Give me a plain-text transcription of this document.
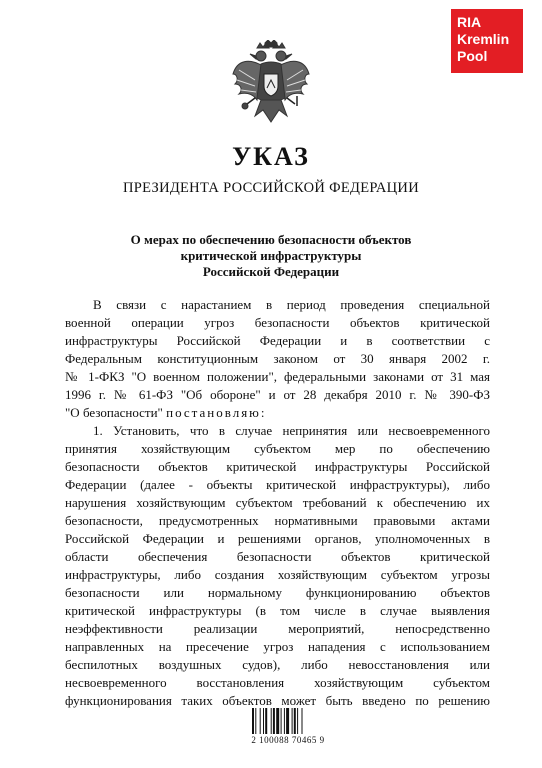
RIA
Kremlin
Pool
УКАЗ
ПРЕЗИДЕНТА РОССИЙСКОЙ ФЕДЕРАЦИИ
О мерах по обеспечению безопасности объектов
критической инфраструктуры
Российской Федерации
В связи с нарастанием в период проведения специальной
военной операции угроз безопасности объектов критической
инфраструктуры Российской Федерации и в соответствии с
Федеральным конституционным законом от 30 января 2002 г.
№ 1-ФКЗ "О военном положении", федеральными законами от 31 мая
1996 г. № 61-ФЗ "Об обороне" и от 28 декабря 2010 г. № 390-ФЗ
"О безопасности" постановляю:
1. Установить, что в случае непринятия или несвоевременного
принятия хозяйствующим субъектом мер по обеспечению
безопасности объектов критической инфраструктуры Российской
Федерации (далее - объекты критической инфраструктуры), либо
нарушения хозяйствующим субъектом требований к обеспечению их
безопасности, предусмотренных нормативными правовыми актами
Российской Федерации и решениями органов, уполномоченных в
области обеспечения безопасности объектов критической
инфраструктуры, либо создания хозяйствующим субъектом угрозы
безопасности или нормальному функционированию объектов
критической инфраструктуры (в том числе в случае выявления
неэффективности реализации мероприятий, непосредственно
направленных на пресечение угроз нападения с использованием
беспилотных воздушных судов), либо невосстановления или
несвоевременного восстановления хозяйствующим субъектом
функционирования таких объектов может быть введено по решению
2 100088 70465 9
